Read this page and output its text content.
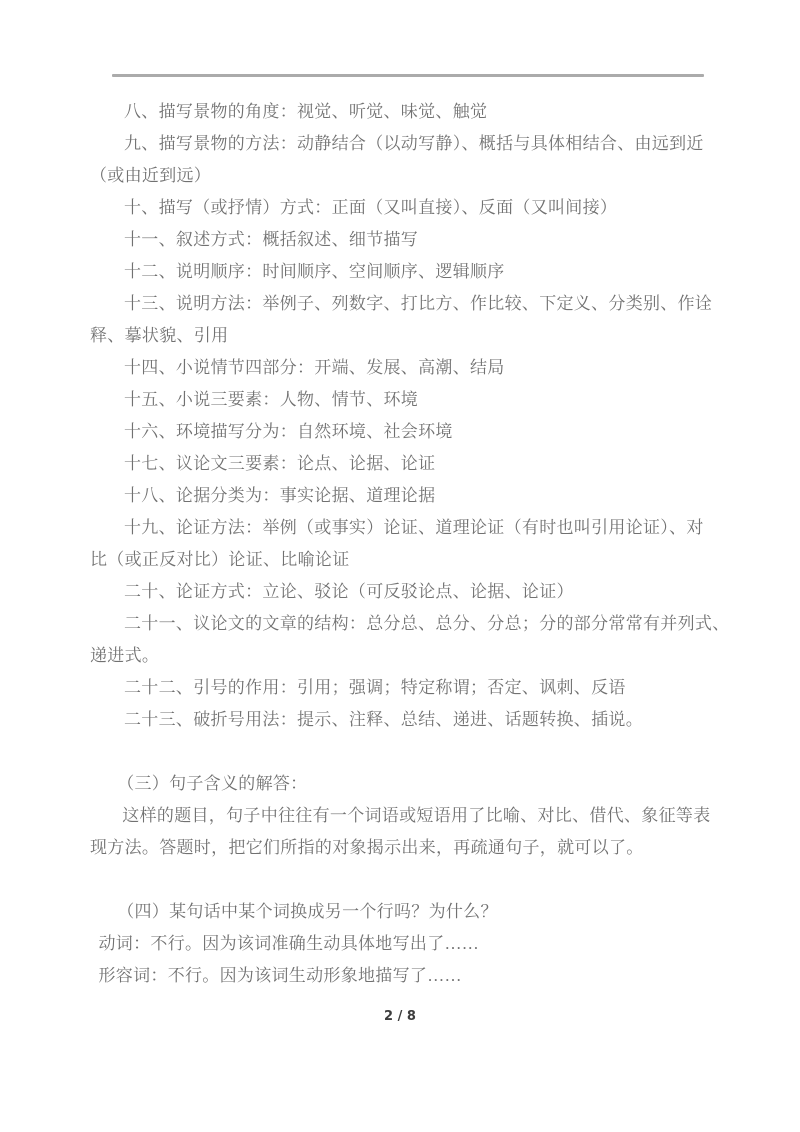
八、描写景物的角度：视觉、听觉、味觉、触觉
九、描写景物的方法：动静结合（以动写静）、概括与具体相结合、由远到近
（或由近到远）
十、描写（或抒情）方式：正面（又叫直接）、反面（又叫间接）
十一、叙述方式：概括叙述、细节描写
十二、说明顺序：时间顺序、空间顺序、逻辑顺序
十三、说明方法：举例子、列数字、打比方、作比较、下定义、分类别、作诠
释、摹状貌、引用
十四、小说情节四部分：开端、发展、高潮、结局
十五、小说三要素：人物、情节、环境
十六、环境描写分为：自然环境、社会环境
十七、议论文三要素：论点、论据、论证
十八、论据分类为：事实论据、道理论据
十九、论证方法：举例（或事实）论证、道理论证（有时也叫引用论证）、对
比（或正反对比）论证、比喻论证
二十、论证方式：立论、驳论（可反驳论点、论据、论证）
二十一、议论文的文章的结构：总分总、总分、分总；分的部分常常有并列式、
递进式。
二十二、引号的作用：引用；强调；特定称谓；否定、讽刺、反语
二十三、破折号用法：提示、注释、总结、递进、话题转换、插说。
（三）句子含义的解答：
这样的题目，句子中往往有一个词语或短语用了比喻、对比、借代、象征等表
现方法。答题时，把它们所指的对象揭示出来，再疏通句子，就可以了。
（四）某句话中某个词换成另一个行吗？为什么？
动词：不行。因为该词准确生动具体地写出了……
形容词：不行。因为该词生动形象地描写了……
2 / 8
